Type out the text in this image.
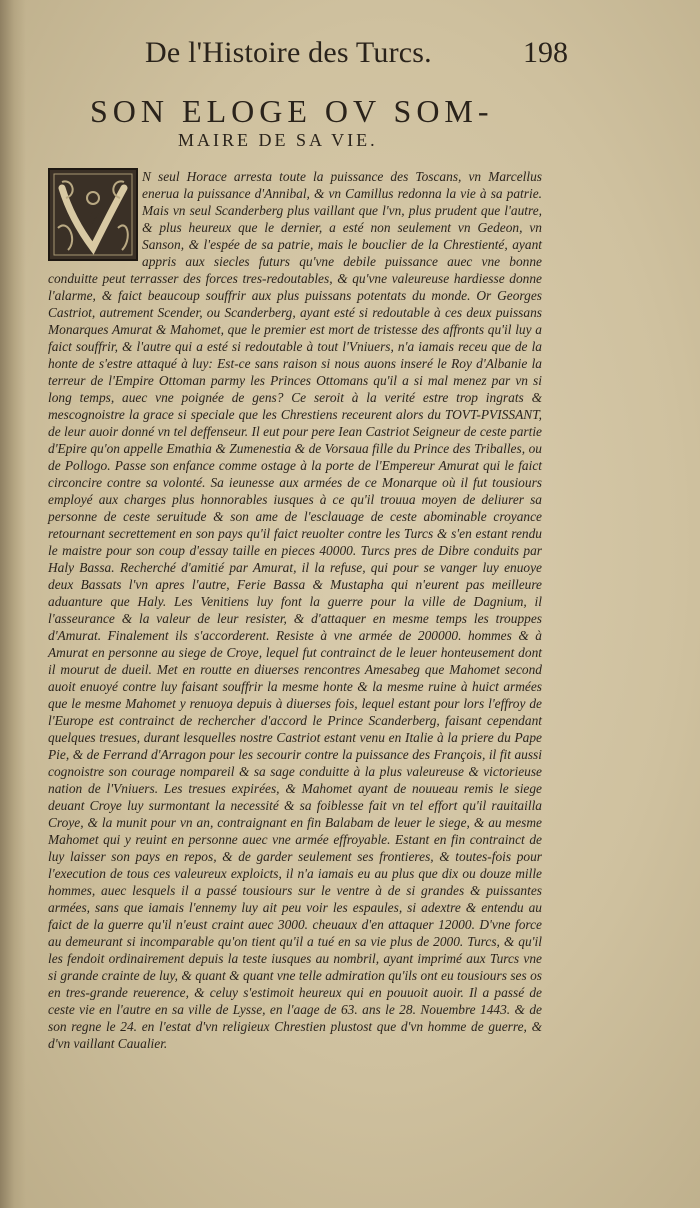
De l'Histoire des Turcs.	198
SON ELOGE OV SOM-
MAIRE DE SA VIE.
V

N seul Horace arresta toute la puissance des Toscans, vn Marcellus enerua la puissance d'Annibal, & vn Camillus redonna la vie à sa patrie. Mais vn seul Scanderberg plus vaillant que l'vn, plus prudent que l'autre, & plus heureux que le dernier, a esté non seulement vn Gedeon, vn Sanson, & l'espée de sa patrie, mais le bouclier de la Chrestienté, ayant appris aux siecles futurs qu'vne debile puissance auec vne bonne conduitte peut terrasser des forces tres-redoutables, & qu'vne valeureuse hardiesse donne l'alarme, & faict beaucoup souffrir aux plus puissans potentats du monde. Or Georges Castriot, autrement Scender, ou Scanderberg, ayant esté si redoutable à ces deux puissans Monarques Amurat & Mahomet, que le premier est mort de tristesse des affronts qu'il luy a faict souffrir, & l'autre qui a esté si redoutable à tout l'Vniuers, n'a iamais receu que de la honte de s'estre attaqué à luy: Est-ce sans raison si nous auons inseré le Roy d'Albanie la terreur de l'Empire Ottoman parmy les Princes Ottomans qu'il a si mal menez par vn si long temps, auec vne poignée de gens? Ce seroit à la verité estre trop ingrats & mescognoistre la grace si speciale que les Chrestiens receurent alors du TOVT-PVISSANT, de leur auoir donné vn tel deffenseur. Il eut pour pere Iean Castriot Seigneur de ceste partie d'Epire qu'on appelle Emathia & Zumenestia & de Vorsaua fille du Prince des Triballes, ou de Pollogo. Passe son enfance comme ostage à la porte de l'Empereur Amurat qui le faict circoncire contre sa volonté. Sa ieunesse aux armées de ce Monarque où il fut tousiours employé aux charges plus honnorables iusques à ce qu'il trouua moyen de deliurer sa personne de ceste seruitude & son ame de l'esclauage de ceste abominable croyance retournant secrettement en son pays qu'il faict reuolter contre les Turcs & s'en estant rendu le maistre pour son coup d'essay taille en pieces 40000. Turcs pres de Dibre conduits par Haly Bassa. Recherché d'amitié par Amurat, il la refuse, qui pour se vanger luy enuoye deux Bassats l'vn apres l'autre, Ferie Bassa & Mustapha qui n'eurent pas meilleure aduanture que Haly. Les Venitiens luy font la guerre pour la ville de Dagnium, il l'asseurance & la valeur de leur resister, & d'attaquer en mesme temps les trouppes d'Amurat. Finalement ils s'accorderent. Resiste à vne armée de 200000. hommes & à Amurat en personne au siege de Croye, lequel fut contrainct de le leuer honteusement dont il mourut de dueil. Met en routte en diuerses rencontres Amesabeg que Mahomet second auoit enuoyé contre luy faisant souffrir la mesme honte & la mesme ruine à huict armées que le mesme Mahomet y renuoya depuis à diuerses fois, lequel estant pour lors l'effroy de l'Europe est contrainct de rechercher d'accord le Prince Scanderberg, faisant cependant quelques tresues, durant lesquelles nostre Castriot estant venu en Italie à la priere du Pape Pie, & de Ferrand d'Arragon pour les secourir contre la puissance des François, il fit aussi cognoistre son courage nompareil & sa sage conduitte à la plus valeureuse & victorieuse nation de l'Vniuers. Les tresues expirées, & Mahomet ayant de nouueau remis le siege deuant Croye luy surmontant la necessité & sa foiblesse fait vn tel effort qu'il rauitailla Croye, & la munit pour vn an, contraignant en fin Balabam de leuer le siege, & au mesme Mahomet qui y reuint en personne auec vne armée effroyable. Estant en fin contrainct de luy laisser son pays en repos, & de garder seulement ses frontieres, & toutes-fois pour l'execution de tous ces valeureux exploicts, il n'a iamais eu au plus que dix ou douze mille hommes, auec lesquels il a passé tousiours sur le ventre à de si grandes & puissantes armées, sans que iamais l'ennemy luy ait peu voir les espaules, si adextre & entendu au faict de la guerre qu'il n'eust craint auec 3000. cheuaux d'en attaquer 12000. D'vne force au demeurant si incomparable qu'on tient qu'il a tué en sa vie plus de 2000. Turcs, & qu'il les fendoit ordinairement depuis la teste iusques au nombril, ayant imprimé aux Turcs vne si grande crainte de luy, & quant & quant vne telle admiration qu'ils ont eu tousiours ses os en tres-grande reuerence, & celuy s'estimoit heureux qui en pouuoit auoir. Il a passé de ceste vie en l'autre en sa ville de Lysse, en l'aage de 63. ans le 28. Nouembre 1443. & de son regne le 24. en l'estat d'vn religieux Chrestien plustost que d'vn homme de guerre, & d'vn vaillant Caualier.
